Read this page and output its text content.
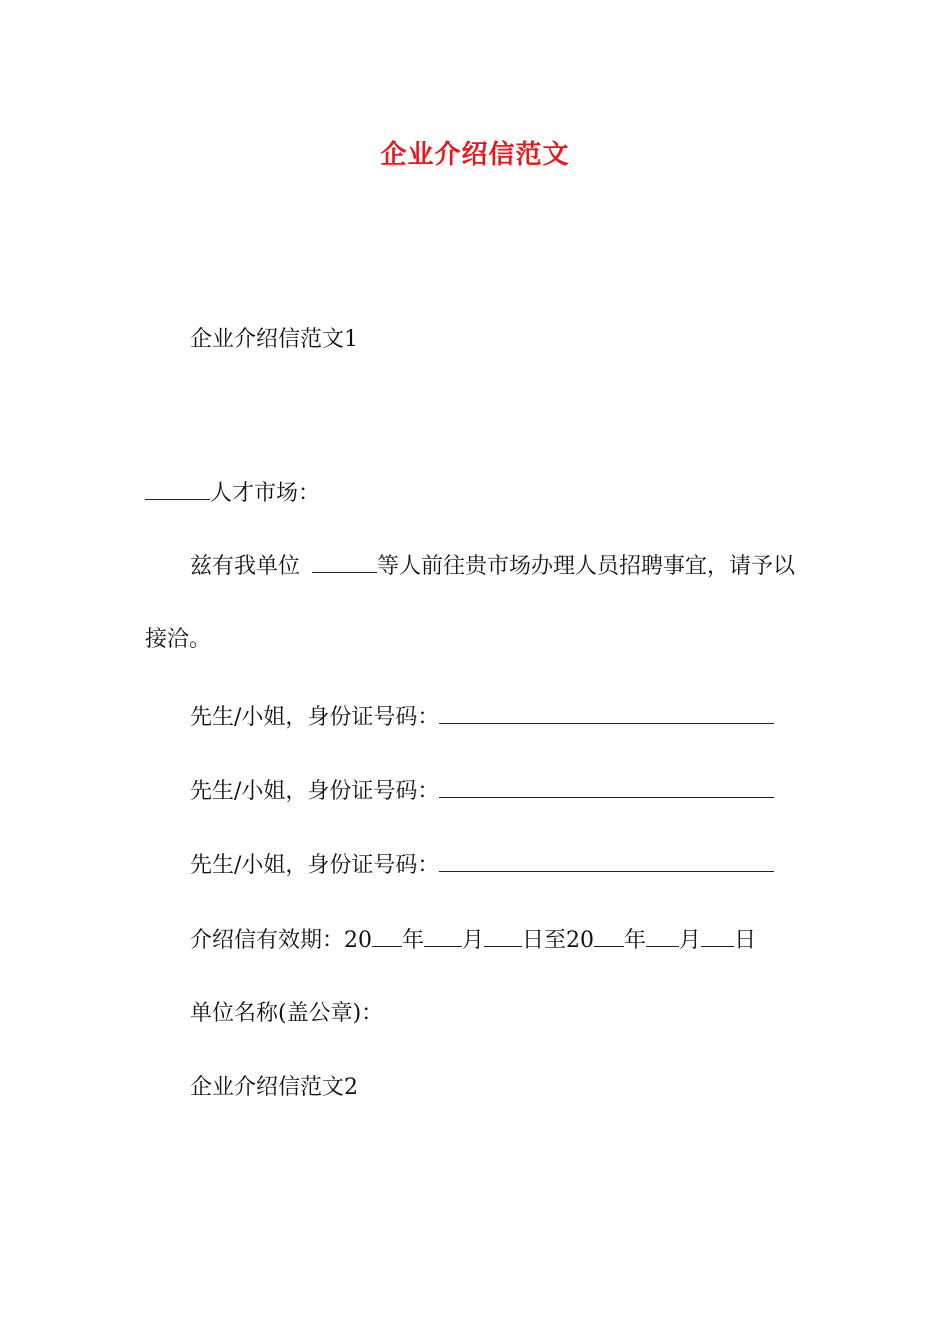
企业介绍信范文
企业介绍信范文1
人才市场：
兹有我单位	等人前往贵市场办理人员招聘事宜，请予以
接洽。
先生/小姐，身份证号码：
先生/小姐，身份证号码：
先生/小姐，身份证号码：
介绍信有效期：20 年 月 日至20 年 月 日
单位名称(盖公章)：
企业介绍信范文2
